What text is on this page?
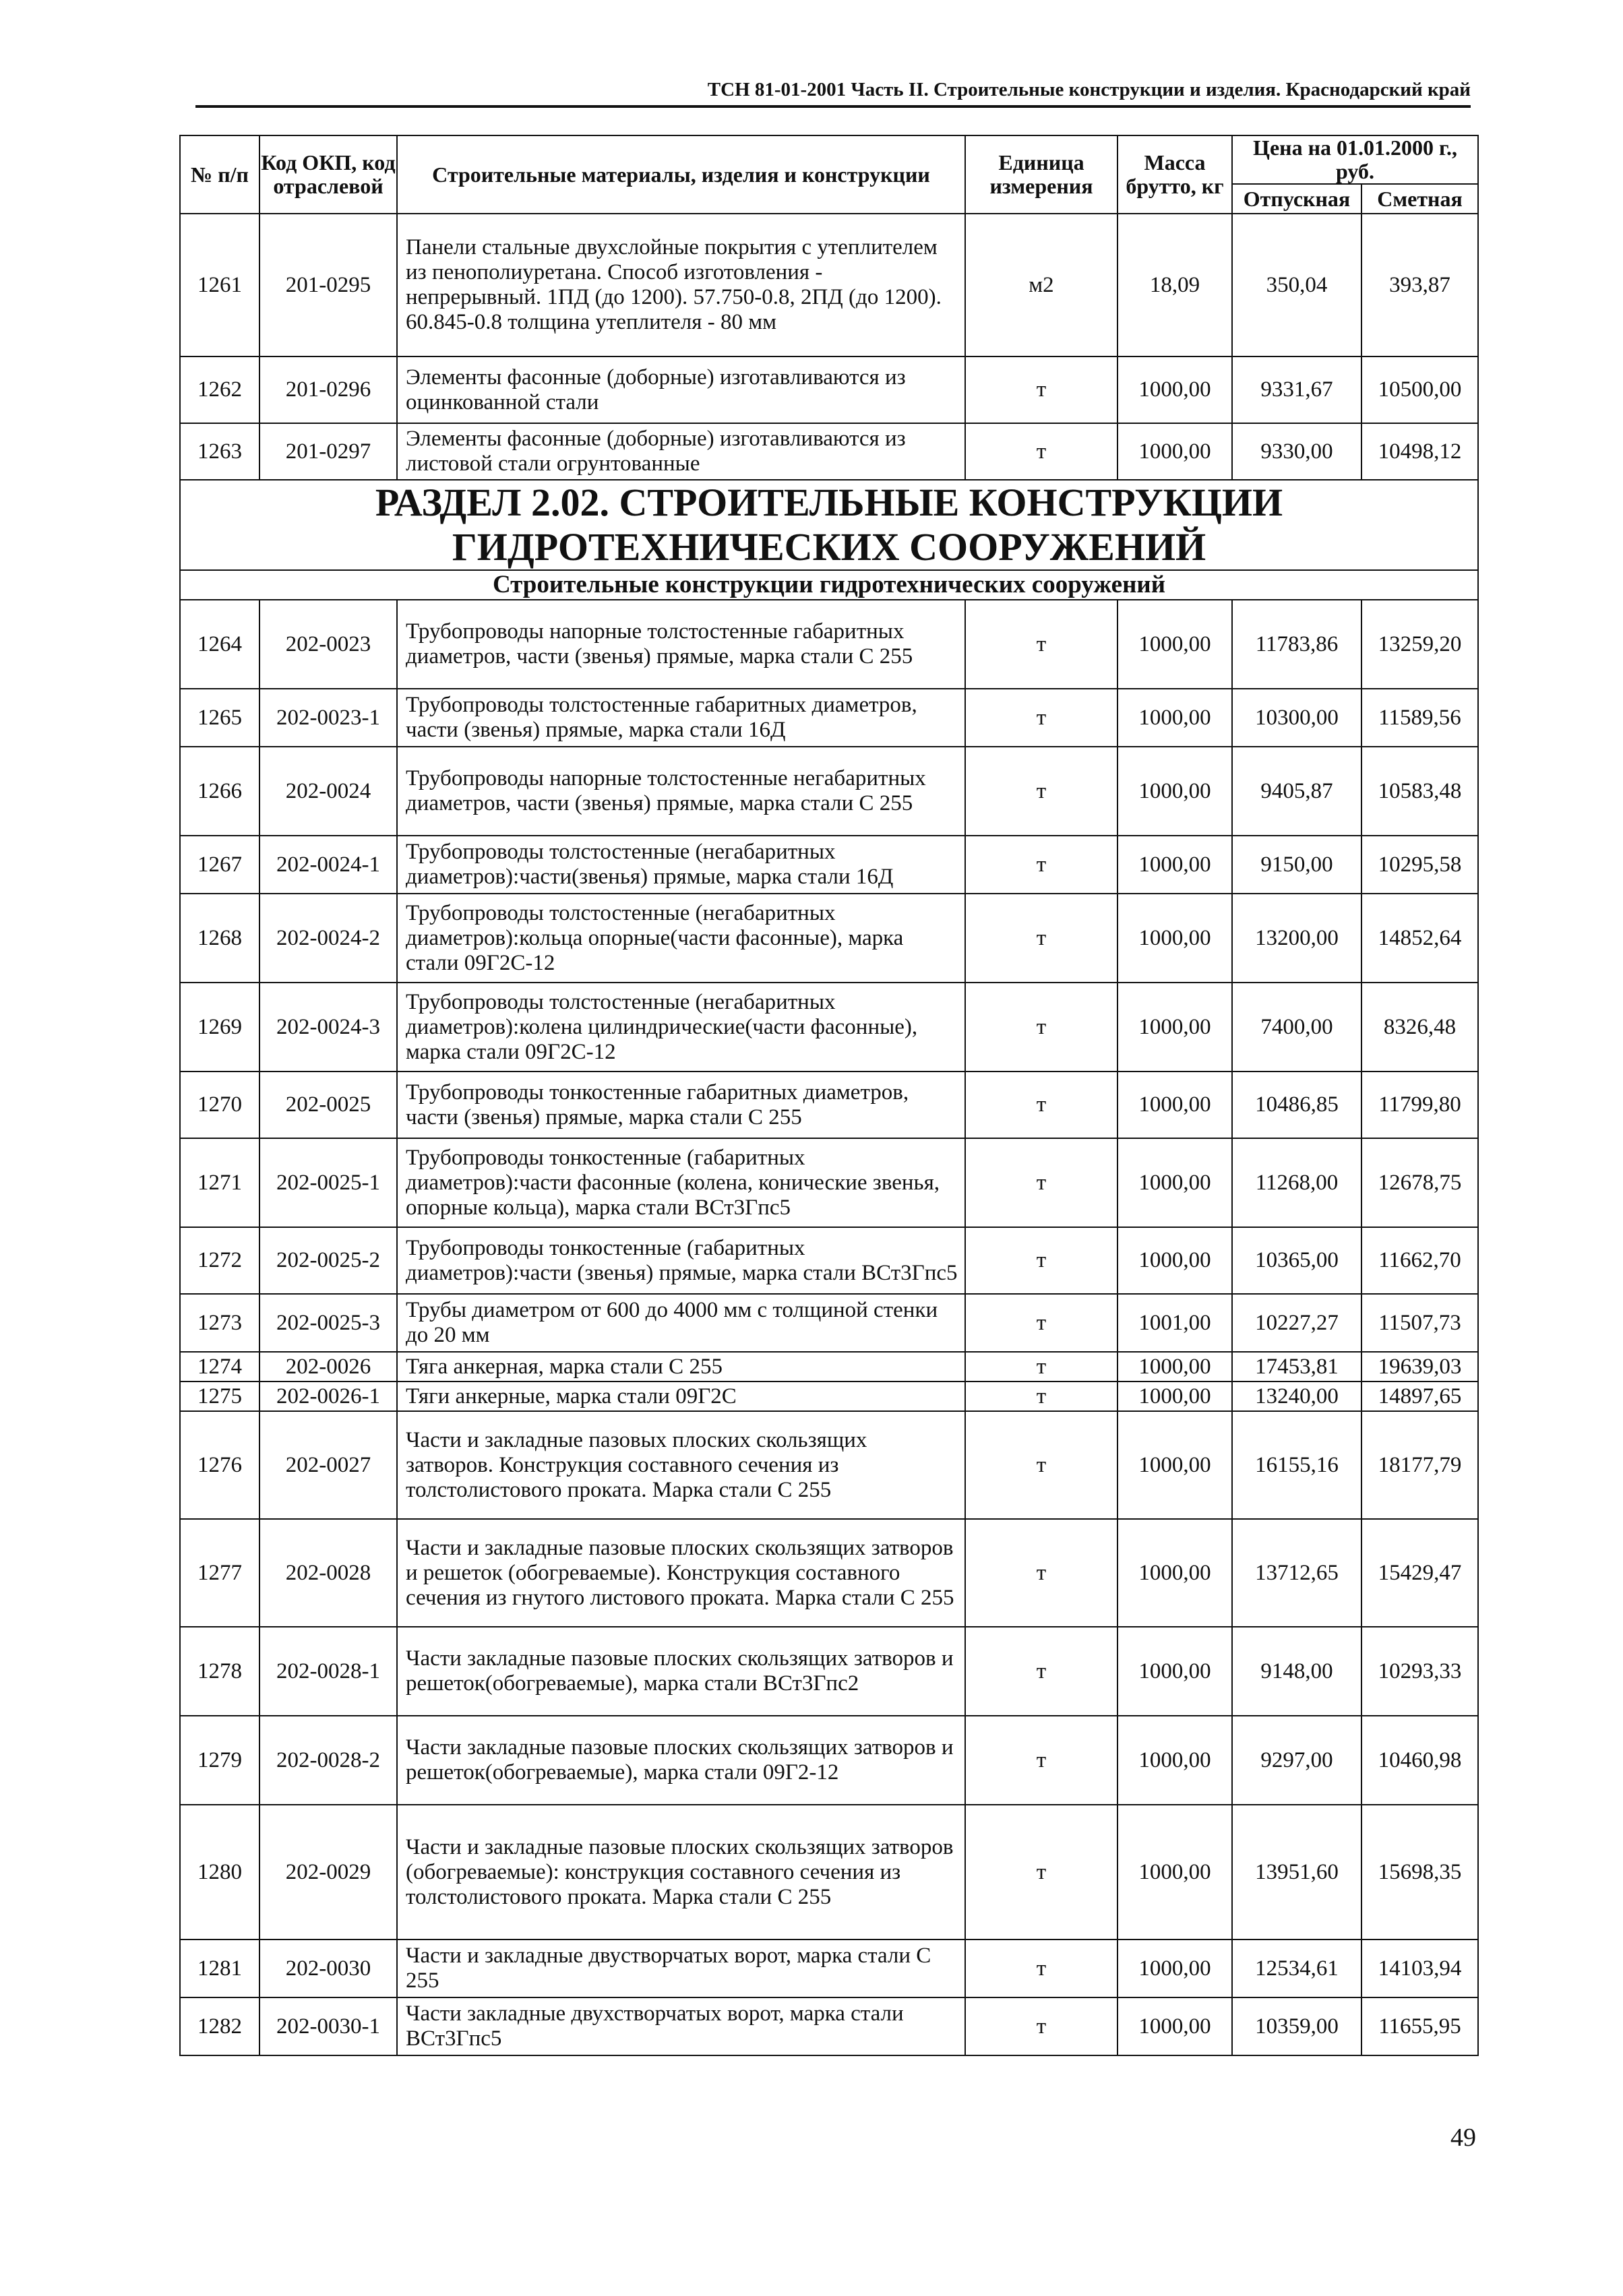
ТСН 81-01-2001 Часть II. Строительные конструкции и изделия. Краснодарский край
№ п/п	Код ОКП, код отраслевой	Строительные материалы, изделия и конструкции	Единица измерения	Масса брутто, кг	Цена на 01.01.2000 г., руб.	
					Отпускная	Сметная
1261	201-0295	Панели стальные двухслойные покрытия с утеплителем из пенополиуретана. Способ изготовления - непрерывный. 1ПД (до 1200). 57.750-0.8, 2ПД (до 1200). 60.845-0.8 толщина утеплителя - 80 мм	м2	18,09	350,04	393,87
1262	201-0296	Элементы фасонные (доборные) изготавливаются из оцинкованной стали	т	1000,00	9331,67	10500,00
1263	201-0297	Элементы фасонные (доборные) изготавливаются из листовой стали огрунтованные	т	1000,00	9330,00	10498,12
РАЗДЕЛ 2.02. СТРОИТЕЛЬНЫЕ КОНСТРУКЦИИ ГИДРОТЕХНИЧЕСКИХ СООРУЖЕНИЙ						
Строительные конструкции гидротехнических сооружений						
1264	202-0023	Трубопроводы напорные толстостенные габаритных диаметров, части (звенья) прямые, марка стали С 255	т	1000,00	11783,86	13259,20
1265	202-0023-1	Трубопроводы толстостенные габаритных диаметров, части (звенья) прямые, марка стали 16Д	т	1000,00	10300,00	11589,56
1266	202-0024	Трубопроводы напорные толстостенные негабаритных диаметров, части (звенья) прямые, марка стали С 255	т	1000,00	9405,87	10583,48
1267	202-0024-1	Трубопроводы толстостенные (негабаритных диаметров):части(звенья) прямые, марка стали 16Д	т	1000,00	9150,00	10295,58
1268	202-0024-2	Трубопроводы толстостенные (негабаритных диаметров):кольца опорные(части фасонные), марка стали 09Г2С-12	т	1000,00	13200,00	14852,64
1269	202-0024-3	Трубопроводы толстостенные (негабаритных диаметров):колена цилиндрические(части фасонные), марка стали 09Г2С-12	т	1000,00	7400,00	8326,48
1270	202-0025	Трубопроводы тонкостенные габаритных диаметров, части (звенья) прямые, марка стали С 255	т	1000,00	10486,85	11799,80
1271	202-0025-1	Трубопроводы тонкостенные (габаритных диаметров):части фасонные (колена, конические звенья, опорные кольца), марка стали ВСт3Гпс5	т	1000,00	11268,00	12678,75
1272	202-0025-2	Трубопроводы тонкостенные (габаритных диаметров):части (звенья) прямые, марка стали ВСт3Гпс5	т	1000,00	10365,00	11662,70
1273	202-0025-3	Трубы диаметром от 600 до 4000 мм с толщиной стенки до 20 мм	т	1001,00	10227,27	11507,73
1274	202-0026	Тяга анкерная, марка стали С 255	т	1000,00	17453,81	19639,03
1275	202-0026-1	Тяги анкерные, марка стали 09Г2С	т	1000,00	13240,00	14897,65
1276	202-0027	Части и закладные пазовых плоских скользящих затворов. Конструкция составного сечения из толстолистового проката. Марка стали С 255	т	1000,00	16155,16	18177,79
1277	202-0028	Части и закладные пазовые плоских скользящих затворов и решеток (обогреваемые). Конструкция составного сечения из гнутого листового проката. Марка стали С 255	т	1000,00	13712,65	15429,47
1278	202-0028-1	Части закладные пазовые плоских скользящих затворов и решеток(обогреваемые), марка стали ВСт3Гпс2	т	1000,00	9148,00	10293,33
1279	202-0028-2	Части закладные пазовые плоских скользящих затворов и решеток(обогреваемые), марка стали 09Г2-12	т	1000,00	9297,00	10460,98
1280	202-0029	Части и закладные пазовые плоских скользящих затворов (обогреваемые): конструкция составного сечения из толстолистового проката. Марка стали С 255	т	1000,00	13951,60	15698,35
1281	202-0030	Части и закладные двустворчатых ворот, марка стали С 255	т	1000,00	12534,61	14103,94
1282	202-0030-1	Части закладные двухстворчатых ворот, марка стали ВСт3Гпс5	т	1000,00	10359,00	11655,95
49
